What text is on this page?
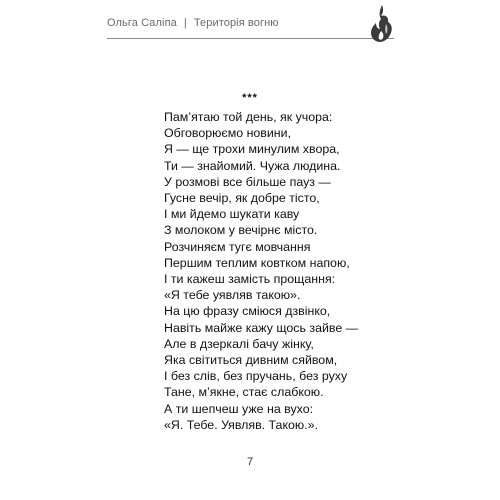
Ольга Саліпа | Територія вогню
***
Пам’ятаю той день, як учора:
Обговорюємо новини,
Я — ще трохи минулим хвора,
Ти — знайомий. Чужа людина.
У розмові все більше пауз —
Гусне вечір, як добре тісто,
І ми йдемо шукати каву
З молоком у вечірнє місто.
Розчиняєм тугє мовчання
Першим теплим ковтком напою,
І ти кажеш замість прощання:
«Я тебе уявляв такою».
На цю фразу сміюся дзвінко,
Навіть майже кажу щось зайве —
Але в дзеркалі бачу жінку,
Яка світиться дивним сяйвом,
І без слів, без пручань, без руху
Тане, м’якне, стає слабкою.
А ти шепчеш уже на вухо:
«Я. Тебе. Уявляв. Такою.».
7
